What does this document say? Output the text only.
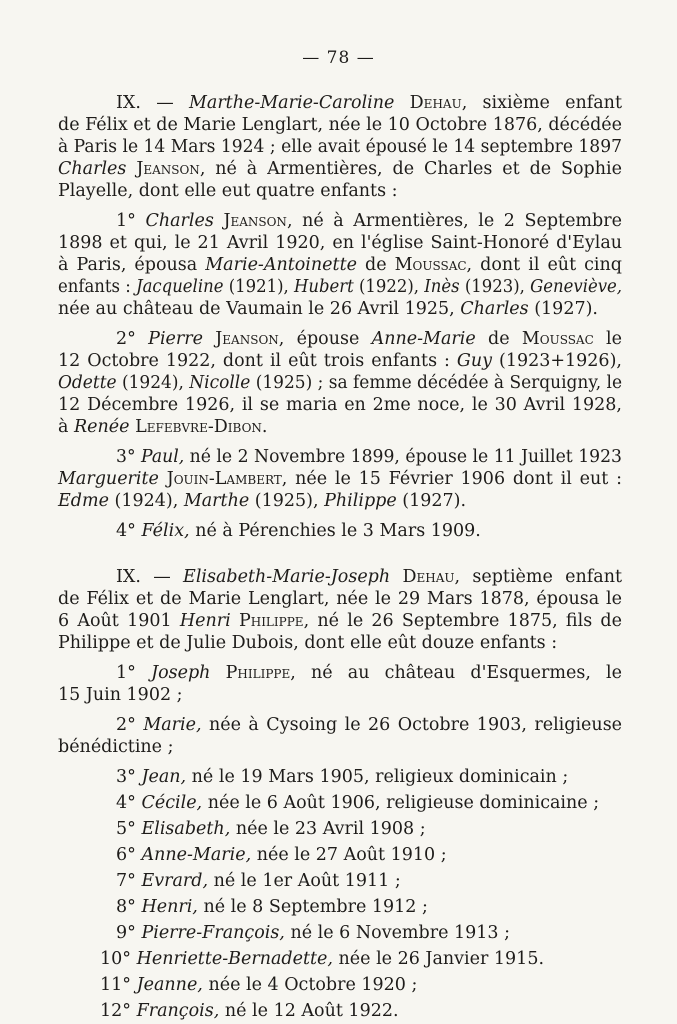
— 78 —
IX. — Marthe-Marie-Caroline Dehau, sixième enfant
de Félix et de Marie Lenglart, née le 10 Octobre 1876, décédée
à Paris le 14 Mars 1924 ; elle avait épousé le 14 septembre 1897
Charles Jeanson, né à Armentières, de Charles et de Sophie
Playelle, dont elle eut quatre enfants :
1° Charles Jeanson, né à Armentières, le 2 Septembre
1898 et qui, le 21 Avril 1920, en l'église Saint-Honoré d'Eylau
à Paris, épousa Marie-Antoinette de Moussac, dont il eût cinq
enfants : Jacqueline (1921), Hubert (1922), Inès (1923), Geneviève,
née au château de Vaumain le 26 Avril 1925, Charles (1927).
2° Pierre Jeanson, épouse Anne-Marie de Moussac le
12 Octobre 1922, dont il eût trois enfants : Guy (1923+1926),
Odette (1924), Nicolle (1925) ; sa femme décédée à Serquigny, le
12 Décembre 1926, il se maria en 2me noce, le 30 Avril 1928,
à Renée Lefebvre-Dibon.
3° Paul, né le 2 Novembre 1899, épouse le 11 Juillet 1923
Marguerite Jouin-Lambert, née le 15 Février 1906 dont il eut :
Edme (1924), Marthe (1925), Philippe (1927).
4° Félix, né à Pérenchies le 3 Mars 1909.
IX. — Elisabeth-Marie-Joseph Dehau, septième enfant
de Félix et de Marie Lenglart, née le 29 Mars 1878, épousa le
6 Août 1901 Henri Philippe, né le 26 Septembre 1875, fils de
Philippe et de Julie Dubois, dont elle eût douze enfants :
1° Joseph Philippe, né au château d'Esquermes, le
15 Juin 1902 ;
2° Marie, née à Cysoing le 26 Octobre 1903, religieuse
bénédictine ;
3° Jean, né le 19 Mars 1905, religieux dominicain ;
4° Cécile, née le 6 Août 1906, religieuse dominicaine ;
5° Elisabeth, née le 23 Avril 1908 ;
6° Anne-Marie, née le 27 Août 1910 ;
7° Evrard, né le 1er Août 1911 ;
8° Henri, né le 8 Septembre 1912 ;
9° Pierre-François, né le 6 Novembre 1913 ;
10° Henriette-Bernadette, née le 26 Janvier 1915.
11° Jeanne, née le 4 Octobre 1920 ;
12° François, né le 12 Août 1922.
